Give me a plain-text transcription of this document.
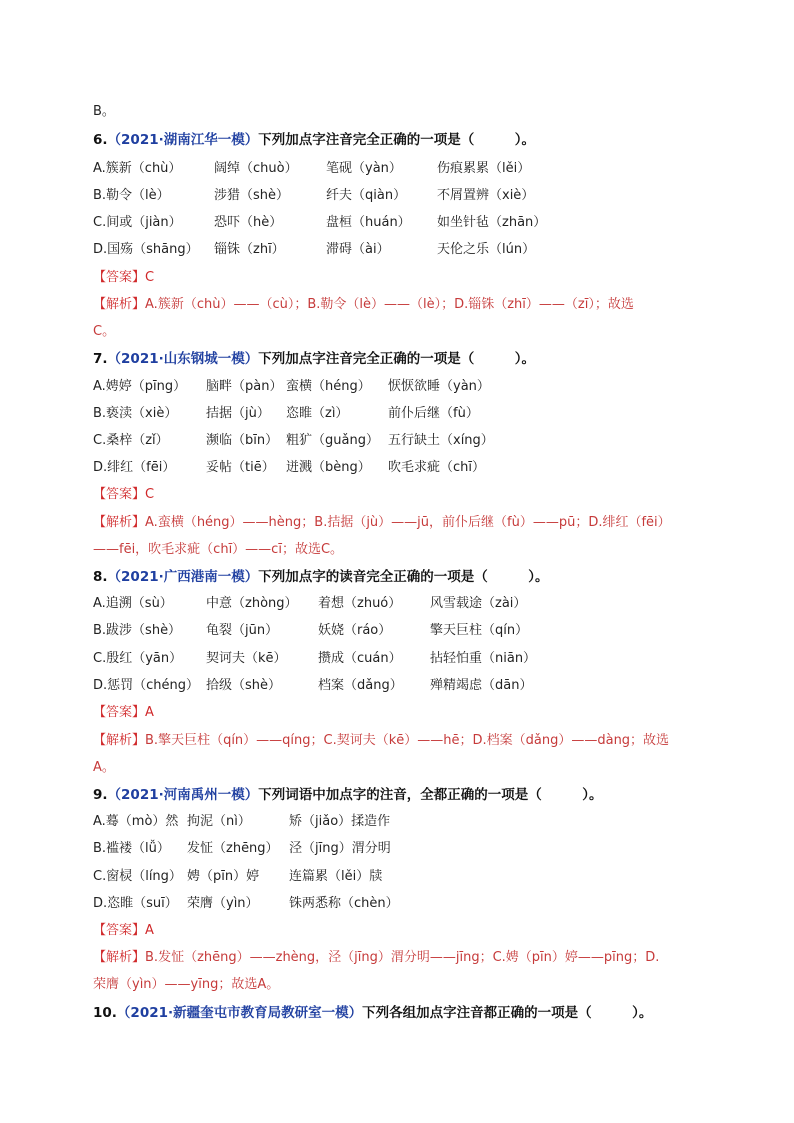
B。
6.（2021·湖南江华一模）下列加点字注音完全正确的一项是（　　　）。
A.簇新（chù）	阔绰（chuò） 笔砚（yàn）	伤痕累累（lěi）
B.勒令（lè）	涉猎（shè）	纤夫（qiàn） 不屑置辨（xiè）
C.间或（jiàn） 恐吓（hè）	盘桓（huán） 如坐针毡（zhān）
D.国殇（shāng） 锱铢（zhī）	滞碍（ài）	天伦之乐（lún）
【答案】C
【解析】A.簇新（chù）——（cù）；B.勒令（lè）——（lè）；D.锱铢（zhī）——（zī）；故选
C。
7.（2021·山东钢城一模）下列加点字注音完全正确的一项是（　　　）。
A.娉婷（pīng） 脑畔（pàn） 蛮横（héng） 恹恹欲睡（yàn）
B.亵渎（xiè） 拮据（jù） 恣睢（zì）	前仆后继（fù）
C.桑梓（zǐ）	濒临（bīn） 粗犷（guǎng） 五行缺土（xíng）
D.绯红（fēi） 妥帖（tiē） 迸溅（bèng） 吹毛求疵（chī）
【答案】C
【解析】A.蛮横（héng）——hèng；B.拮据（jù）——jū，前仆后继（fù）——pū；D.绯红（fēi）
——fēi，吹毛求疵（chī）——cī；故选C。
8.（2021·广西港南一模）下列加点字的读音完全正确的一项是（　　　）。
A.追溯（sù）	中意（zhòng） 着想（zhuó） 风雪载途（zài）
B.跋涉（shè） 龟裂（jūn）	妖娆（ráo）	擎天巨柱（qín）
C.殷红（yān） 契诃夫（kē） 攒成（cuán） 拈轻怕重（niān）
D.惩罚（chéng） 拾级（shè）	档案（dǎng） 殚精竭虑（dān）
【答案】A
【解析】B.擎天巨柱（qín）——qíng；C.契诃夫（kē）——hē；D.档案（dǎng）——dàng；故选
A。
9.（2021·河南禹州一模）下列词语中加点字的注音，全都正确的一项是（　　　）。
A.蓦（mò）然 拘泥（nì）	矫（jiǎo）揉造作
B.褴褛（lǚ） 发怔（zhēng） 泾（jīng）渭分明
C.窗棂（líng） 娉（pīn）婷 连篇累（lěi）牍
D.恣睢（suī） 荣膺（yìn） 铢两悉称（chèn）
【答案】A
【解析】B.发怔（zhēng）——zhèng，泾（jīng）渭分明——jīng；C.娉（pīn）婷——pīng；D.
荣膺（yìn）——yīng；故选A。
10.（2021·新疆奎屯市教育局教研室一模）下列各组加点字注音都正确的一项是（　　　）。
